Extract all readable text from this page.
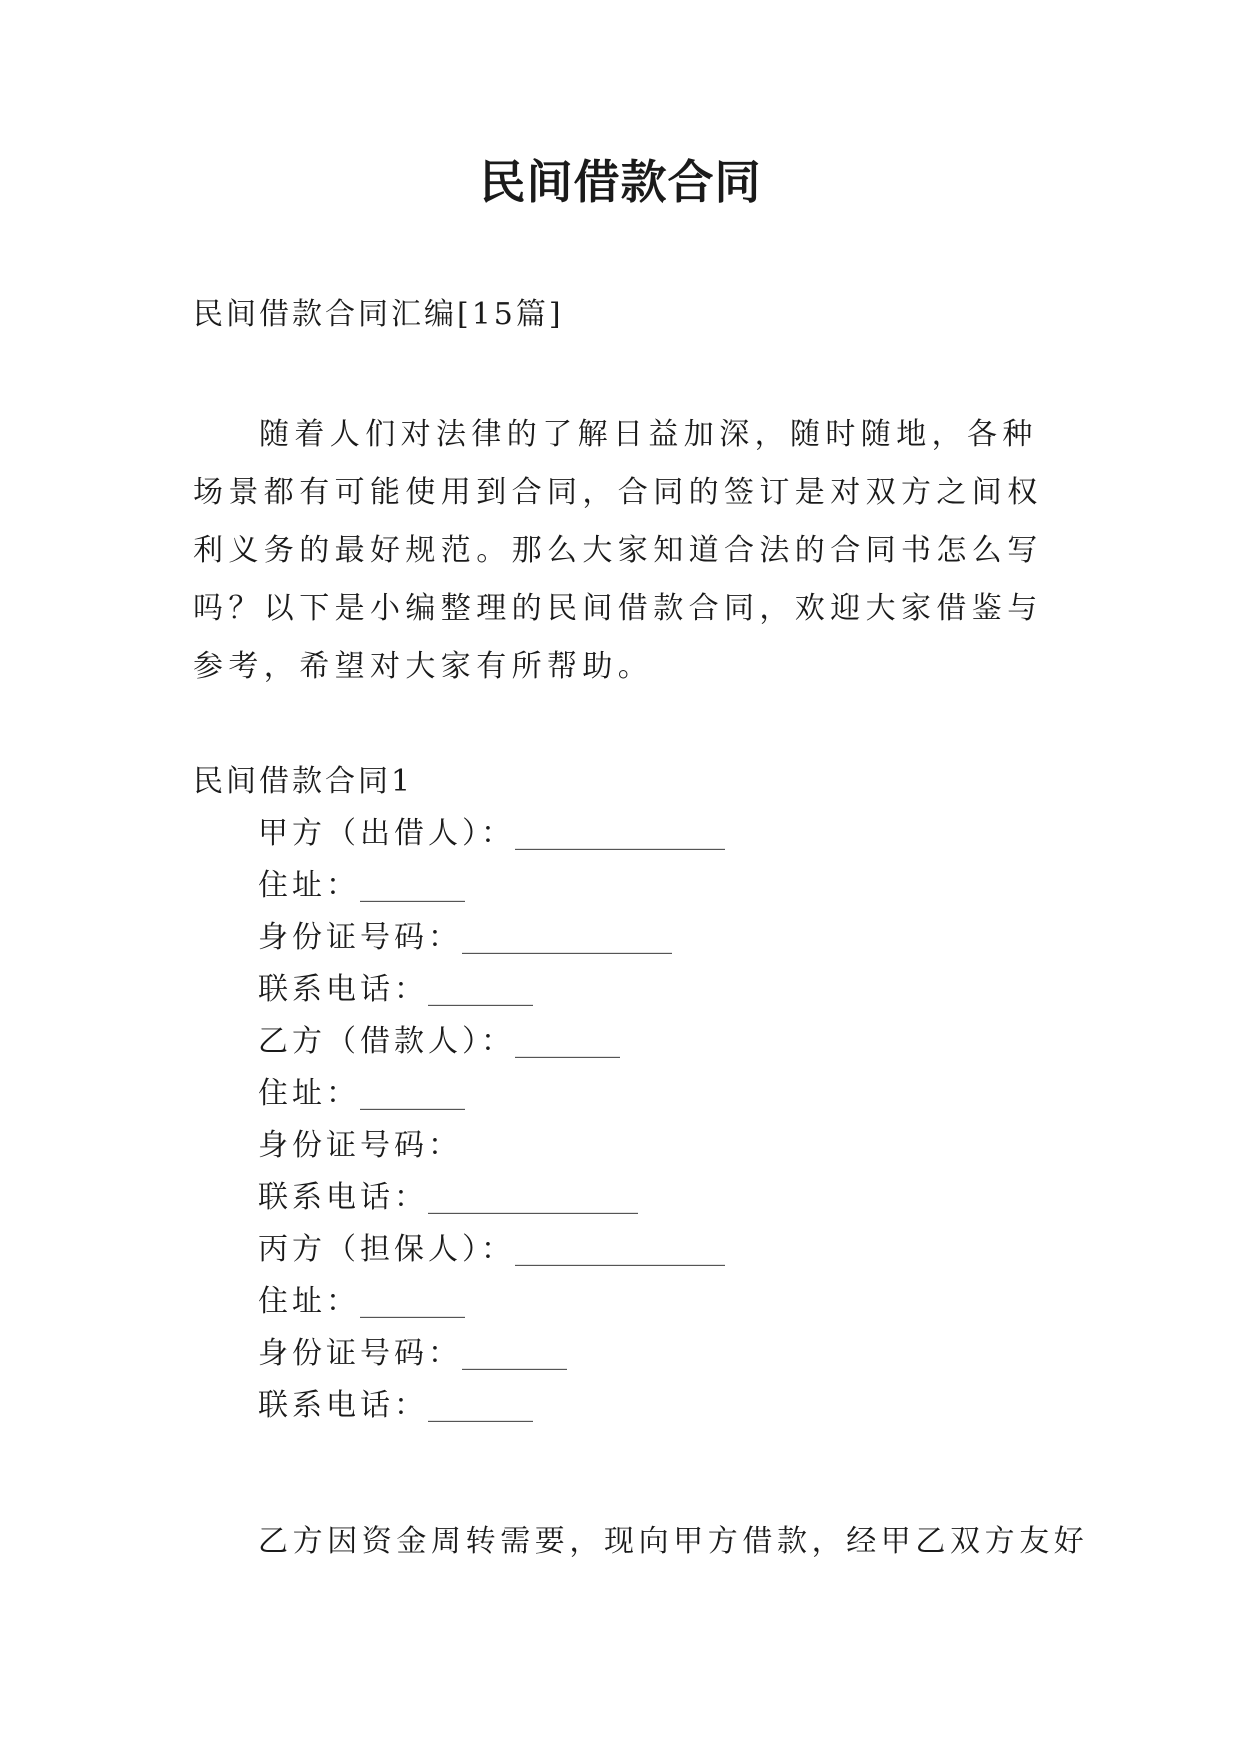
民间借款合同

民间借款合同汇编[15篇]

随着人们对法律的了解日益加深，随时随地，各种场景都有可能使用到合同，合同的签订是对双方之间权利义务的最好规范。那么大家知道合法的合同书怎么写吗？以下是小编整理的民间借款合同，欢迎大家借鉴与参考，希望对大家有所帮助。

民间借款合同1

甲方（出借人）：______________

住址：_______

身份证号码：______________

联系电话：_______

乙方（借款人）：_______

住址：_______

身份证号码：

联系电话：______________

丙方（担保人）：______________

住址：_______

身份证号码：_______

联系电话：_______

乙方因资金周转需要，现向甲方借款，经甲乙双方友好
